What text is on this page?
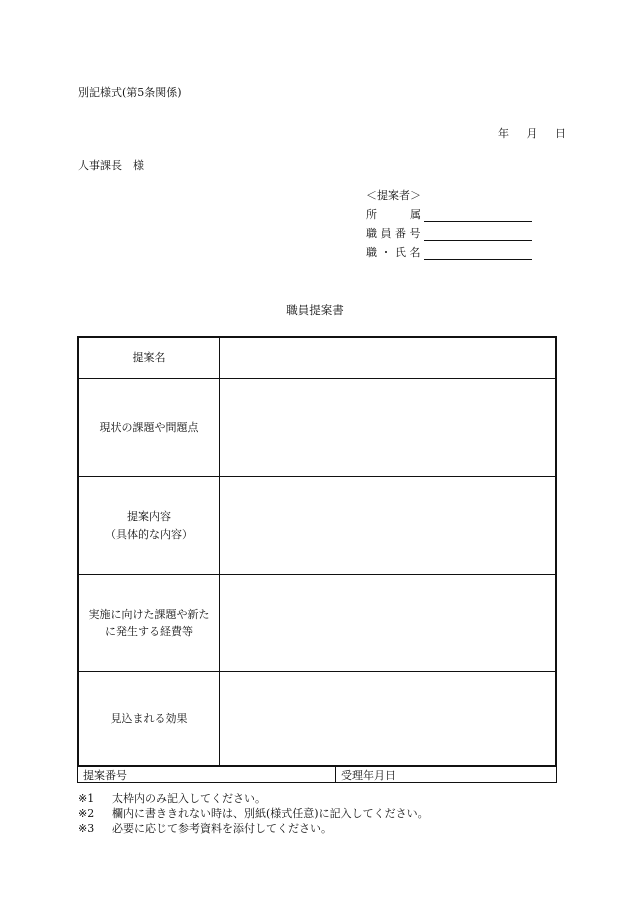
別記様式(第5条関係)
年 月 日
人事課長　様
＜提案者＞
所　　　属
職 員 番 号
職 ・ 氏 名
職員提案書
提案名
現状の課題や問題点
提案内容
（具体的な内容）
実施に向けた課題や新た
に発生する経費等
見込まれる効果
提案番号	受理年月日
※1 太枠内のみ記入してください。
※2 欄内に書ききれない時は、別紙(様式任意)に記入してください。
※3 必要に応じて参考資料を添付してください。
